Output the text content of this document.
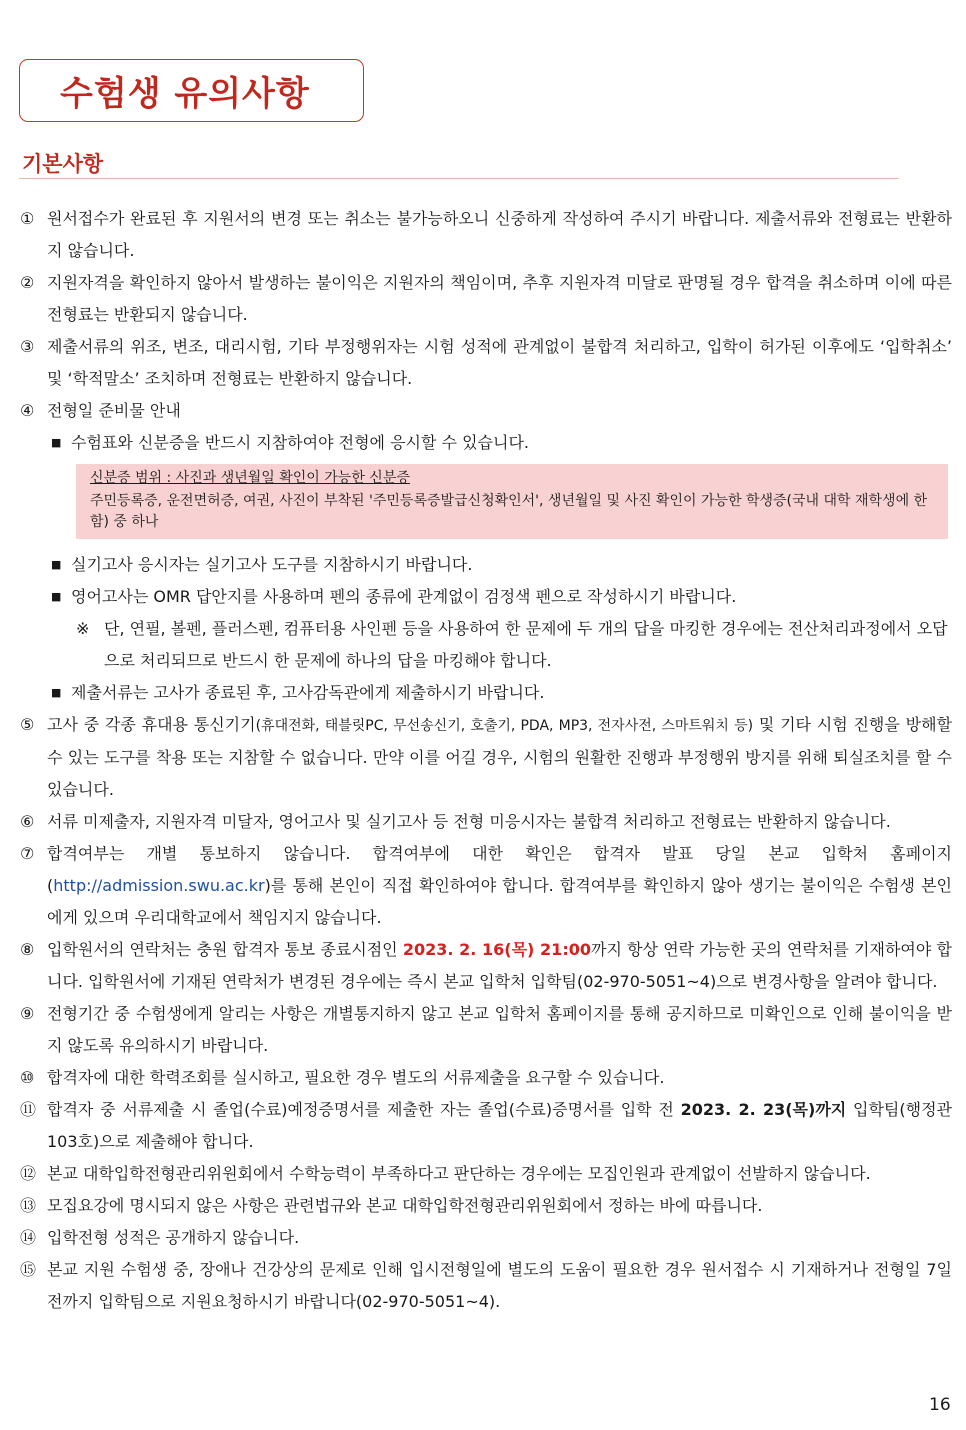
수험생 유의사항
기본사항
① 원서접수가 완료된 후 지원서의 변경 또는 취소는 불가능하오니 신중하게 작성하여 주시기 바랍니다. 제출서류와 전형료는 반환하지 않습니다.
② 지원자격을 확인하지 않아서 발생하는 불이익은 지원자의 책임이며, 추후 지원자격 미달로 판명될 경우 합격을 취소하며 이에 따른 전형료는 반환되지 않습니다.
③ 제출서류의 위조, 변조, 대리시험, 기타 부정행위자는 시험 성적에 관계없이 불합격 처리하고, 입학이 허가된 이후에도 ‘입학취소’ 및 ‘학적말소’ 조치하며 전형료는 반환하지 않습니다.
④ 전형일 준비물 안내
■ 수험표와 신분증을 반드시 지참하여야 전형에 응시할 수 있습니다.
신분증 범위 : 사진과 생년월일 확인이 가능한 신분증
주민등록증, 운전면허증, 여권, 사진이 부착된 '주민등록증발급신청확인서', 생년월일 및 사진 확인이 가능한 학생증(국내 대학 재학생에 한함) 중 하나
■ 실기고사 응시자는 실기고사 도구를 지참하시기 바랍니다.
■ 영어고사는 OMR 답안지를 사용하며 펜의 종류에 관계없이 검정색 펜으로 작성하시기 바랍니다.
※ 단, 연필, 볼펜, 플러스펜, 컴퓨터용 사인펜 등을 사용하여 한 문제에 두 개의 답을 마킹한 경우에는 전산처리과정에서 오답으로 처리되므로 반드시 한 문제에 하나의 답을 마킹해야 합니다.
■ 제출서류는 고사가 종료된 후, 고사감독관에게 제출하시기 바랍니다.
⑤ 고사 중 각종 휴대용 통신기기(휴대전화, 태블릿PC, 무선송신기, 호출기, PDA, MP3, 전자사전, 스마트워치 등) 및 기타 시험 진행을 방해할 수 있는 도구를 착용 또는 지참할 수 없습니다. 만약 이를 어길 경우, 시험의 원활한 진행과 부정행위 방지를 위해 퇴실조치를 할 수 있습니다.
⑥ 서류 미제출자, 지원자격 미달자, 영어고사 및 실기고사 등 전형 미응시자는 불합격 처리하고 전형료는 반환하지 않습니다.
⑦ 합격여부는 개별 통보하지 않습니다. 합격여부에 대한 확인은 합격자 발표 당일 본교 입학처 홈페이지 (http://admission.swu.ac.kr)를 통해 본인이 직접 확인하여야 합니다. 합격여부를 확인하지 않아 생기는 불이익은 수험생 본인에게 있으며 우리대학교에서 책임지지 않습니다.
⑧ 입학원서의 연락처는 충원 합격자 통보 종료시점인 2023. 2. 16(목) 21:00까지 항상 연락 가능한 곳의 연락처를 기재하여야 합니다. 입학원서에 기재된 연락처가 변경된 경우에는 즉시 본교 입학처 입학팀(02-970-5051~4)으로 변경사항을 알려야 합니다.
⑨ 전형기간 중 수험생에게 알리는 사항은 개별통지하지 않고 본교 입학처 홈페이지를 통해 공지하므로 미확인으로 인해 불이익을 받지 않도록 유의하시기 바랍니다.
⑩ 합격자에 대한 학력조회를 실시하고, 필요한 경우 별도의 서류제출을 요구할 수 있습니다.
⑪ 합격자 중 서류제출 시 졸업(수료)예정증명서를 제출한 자는 졸업(수료)증명서를 입학 전 2023. 2. 23(목)까지 입학팀(행정관 103호)으로 제출해야 합니다.
⑫ 본교 대학입학전형관리위원회에서 수학능력이 부족하다고 판단하는 경우에는 모집인원과 관계없이 선발하지 않습니다.
⑬ 모집요강에 명시되지 않은 사항은 관련법규와 본교 대학입학전형관리위원회에서 정하는 바에 따릅니다.
⑭ 입학전형 성적은 공개하지 않습니다.
⑮ 본교 지원 수험생 중, 장애나 건강상의 문제로 인해 입시전형일에 별도의 도움이 필요한 경우 원서접수 시 기재하거나 전형일 7일 전까지 입학팀으로 지원요청하시기 바랍니다(02-970-5051~4).
16
